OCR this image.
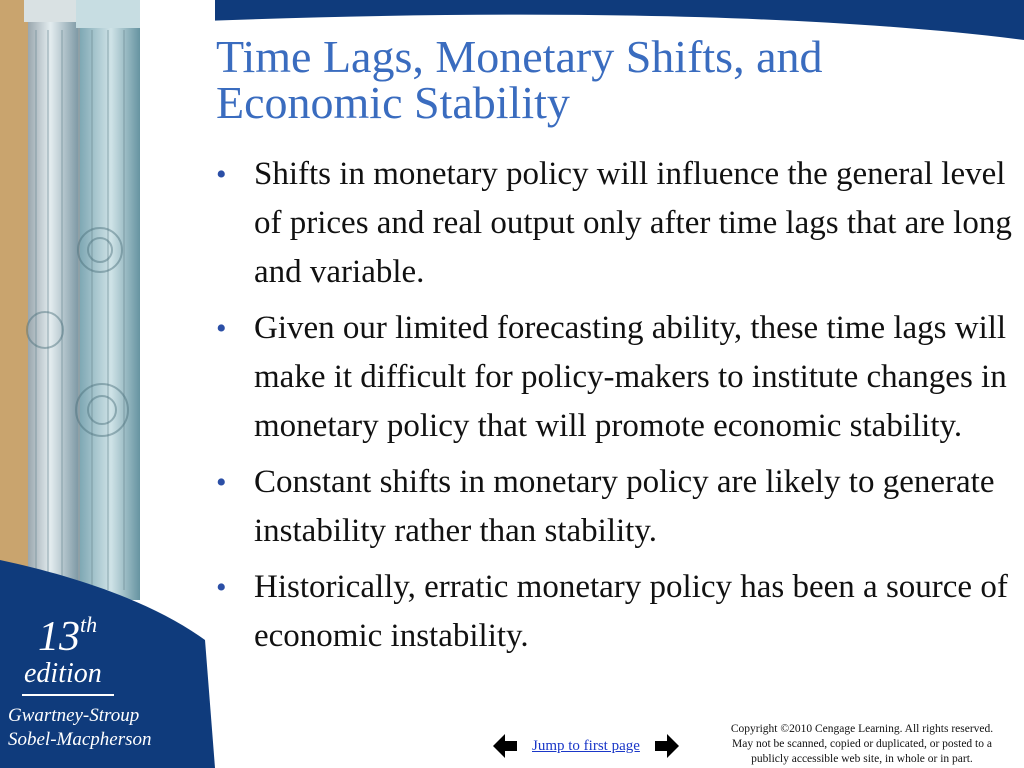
Time Lags, Monetary Shifts, and
Economic Stability
• Shifts in monetary policy will influence the general level of prices and real output only after time lags that are long and variable.
• Given our limited forecasting ability, these time lags will make it difficult for policy-makers to institute changes in monetary policy that will promote economic stability.
• Constant shifts in monetary policy are likely to generate instability rather than stability.
• Historically, erratic monetary policy has been a source of economic instability.
13th
edition
Gwartney-Stroup
Sobel-Macpherson	Jump to first page
Copyright ©2010 Cengage Learning. All rights reserved.
May not be scanned, copied or duplicated, or posted to a
publicly accessible web site, in whole or in part.
